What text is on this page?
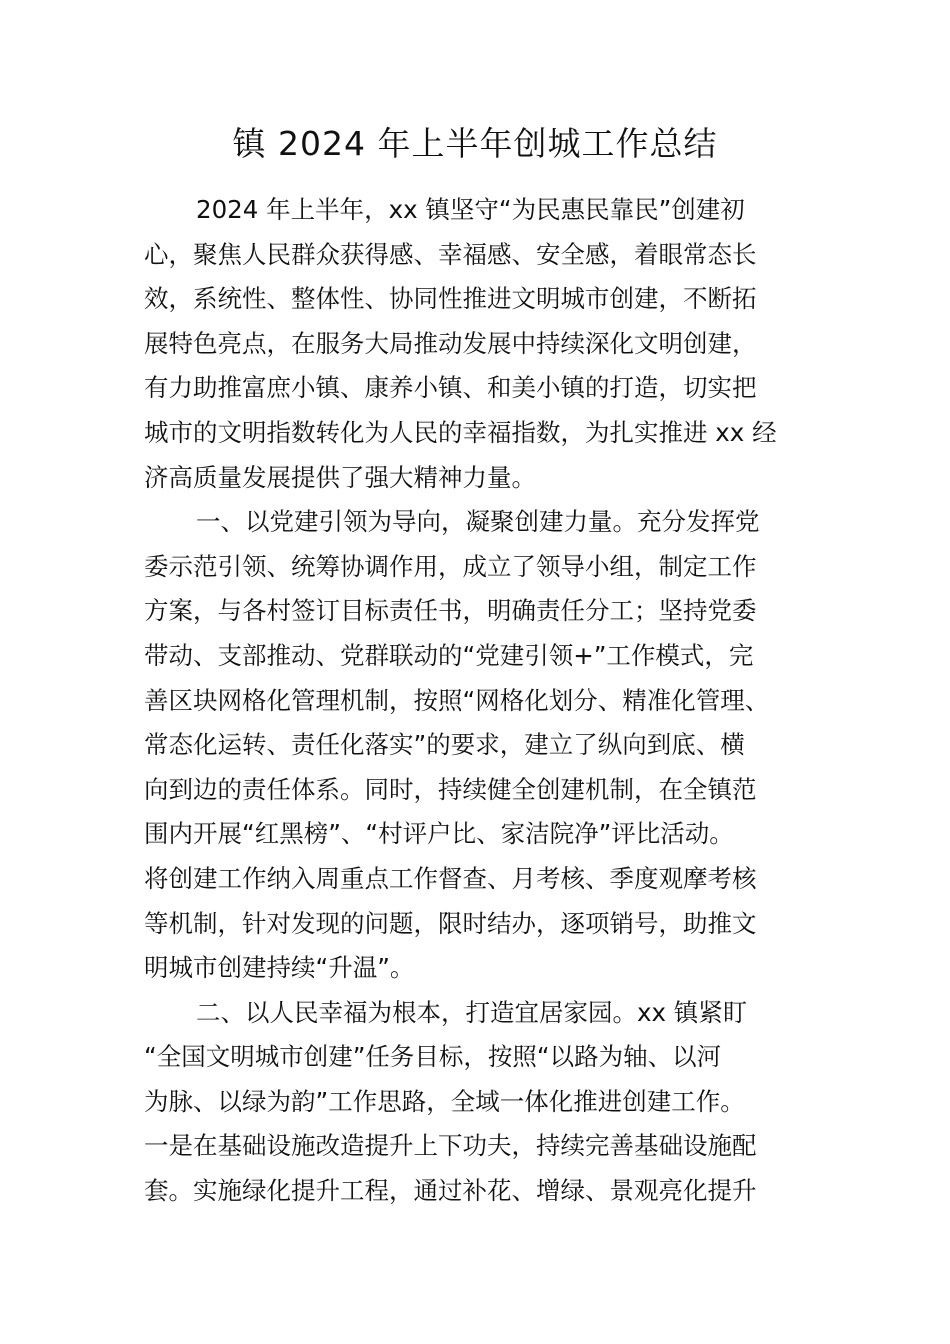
镇 2024 年上半年创城工作总结
2024 年上半年，xx 镇坚守“为民惠民靠民”创建初
心，聚焦人民群众获得感、幸福感、安全感，着眼常态长
效，系统性、整体性、协同性推进文明城市创建，不断拓
展特色亮点，在服务大局推动发展中持续深化文明创建，
有力助推富庶小镇、康养小镇、和美小镇的打造，切实把
城市的文明指数转化为人民的幸福指数，为扎实推进 xx 经
济高质量发展提供了强大精神力量。
一、以党建引领为导向，凝聚创建力量。充分发挥党
委示范引领、统筹协调作用，成立了领导小组，制定工作
方案，与各村签订目标责任书，明确责任分工；坚持党委
带动、支部推动、党群联动的“党建引领+”工作模式，完
善区块网格化管理机制，按照“网格化划分、精准化管理、
常态化运转、责任化落实”的要求，建立了纵向到底、横
向到边的责任体系。同时，持续健全创建机制，在全镇范
围内开展“红黑榜”、“村评户比、家洁院净”评比活动。
将创建工作纳入周重点工作督查、月考核、季度观摩考核
等机制，针对发现的问题，限时结办，逐项销号，助推文
明城市创建持续“升温”。
二、以人民幸福为根本，打造宜居家园。xx 镇紧盯
“全国文明城市创建”任务目标，按照“以路为轴、以河
为脉、以绿为韵”工作思路，全域一体化推进创建工作。
一是在基础设施改造提升上下功夫，持续完善基础设施配
套。实施绿化提升工程，通过补花、增绿、景观亮化提升
